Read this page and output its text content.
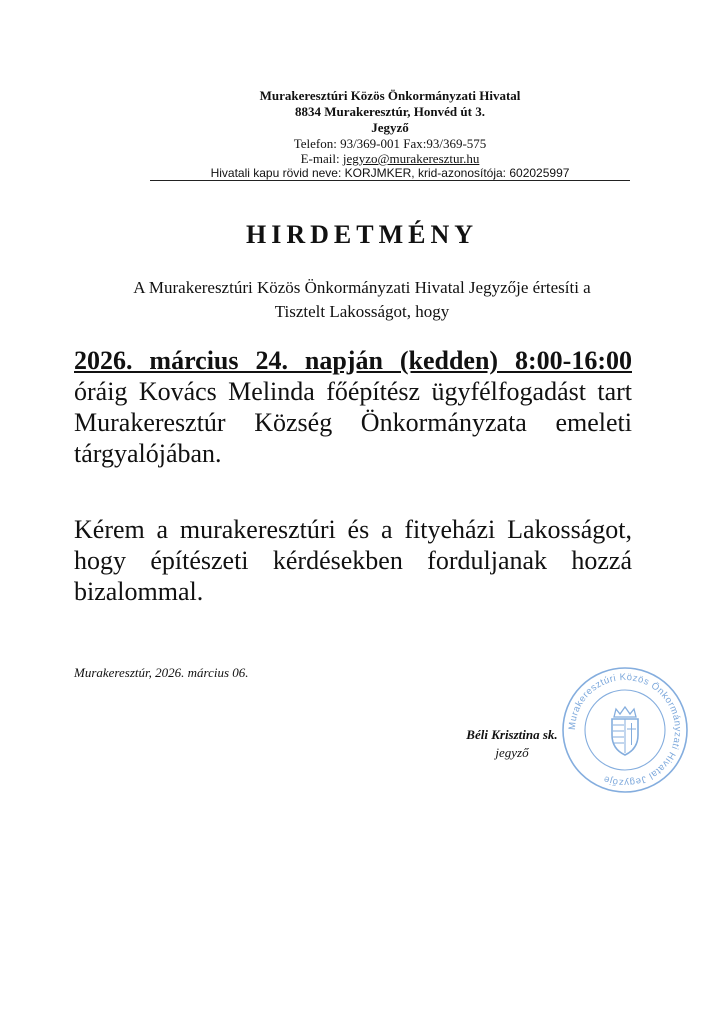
Murakeresztúri Közös Önkormányzati Hivatal
8834 Murakeresztúr, Honvéd út 3.
Jegyző
Telefon: 93/369-001 Fax:93/369-575
E-mail: jegyzo@murakeresztur.hu
Hivatali kapu rövid neve: KORJMKER, krid-azonosítója: 602025997
HIRDETMÉNY
A Murakeresztúri Közös Önkormányzati Hivatal Jegyzője értesíti a
Tisztelt Lakosságot, hogy
2026. március 24. napján (kedden) 8:00-16:00 óráig Kovács Melinda főépítész ügyfélfogadást tart Murakeresztúr Község Önkormányzata emeleti tárgyalójában.
Kérem a murakeresztúri és a fityeházi Lakosságot, hogy építészeti kérdésekben forduljanak hozzá bizalommal.
Murakeresztúr, 2026. március 06.
Béli Krisztina sk.
jegyző
Murakeresztúri Közös Önkormányzati Hivatal Jegyzője
